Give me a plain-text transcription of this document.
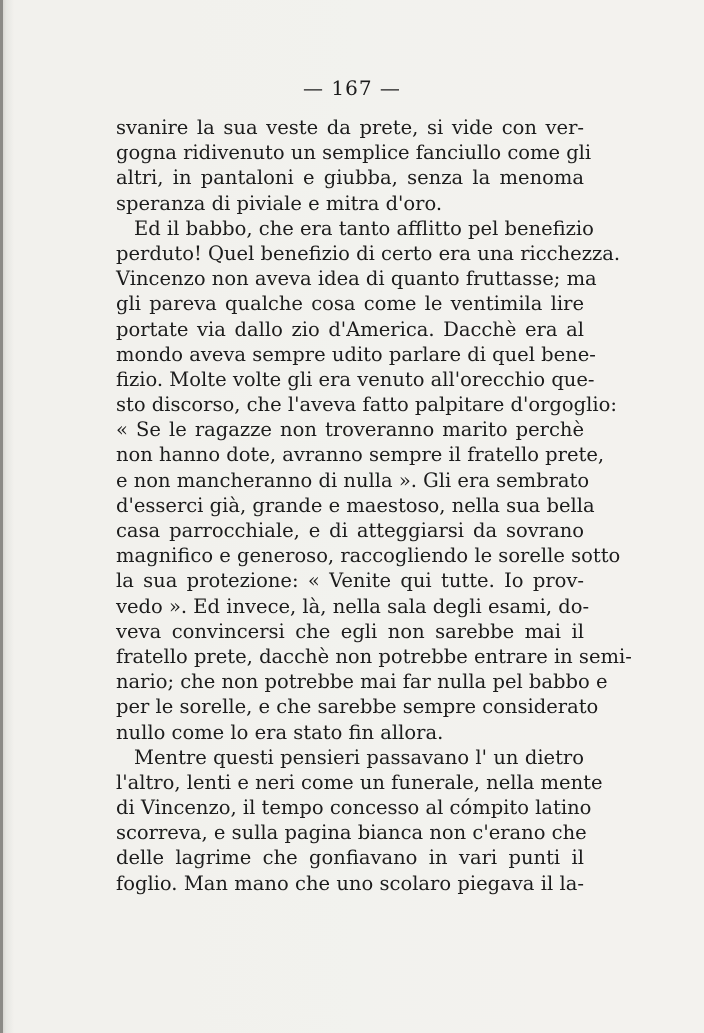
— 167 —
svanire la sua veste da prete, si vide con ver-
gogna ridivenuto un semplice fanciullo come gli
altri, in pantaloni e giubba, senza la menoma
speranza di piviale e mitra d'oro.
Ed il babbo, che era tanto afflitto pel benefizio
perduto! Quel benefizio di certo era una ricchezza.
Vincenzo non aveva idea di quanto fruttasse; ma
gli pareva qualche cosa come le ventimila lire
portate via dallo zio d'America. Dacchè era al
mondo aveva sempre udito parlare di quel bene-
fizio. Molte volte gli era venuto all'orecchio que-
sto discorso, che l'aveva fatto palpitare d'orgoglio:
« Se le ragazze non troveranno marito perchè
non hanno dote, avranno sempre il fratello prete,
e non mancheranno di nulla ». Gli era sembrato
d'esserci già, grande e maestoso, nella sua bella
casa parrocchiale, e di atteggiarsi da sovrano
magnifico e generoso, raccogliendo le sorelle sotto
la sua protezione: « Venite qui tutte. Io prov-
vedo ». Ed invece, là, nella sala degli esami, do-
veva convincersi che egli non sarebbe mai il
fratello prete, dacchè non potrebbe entrare in semi-
nario; che non potrebbe mai far nulla pel babbo e
per le sorelle, e che sarebbe sempre considerato
nullo come lo era stato fin allora.
Mentre questi pensieri passavano l' un dietro
l'altro, lenti e neri come un funerale, nella mente
di Vincenzo, il tempo concesso al cómpito latino
scorreva, e sulla pagina bianca non c'erano che
delle lagrime che gonfiavano in vari punti il
foglio. Man mano che uno scolaro piegava il la-
